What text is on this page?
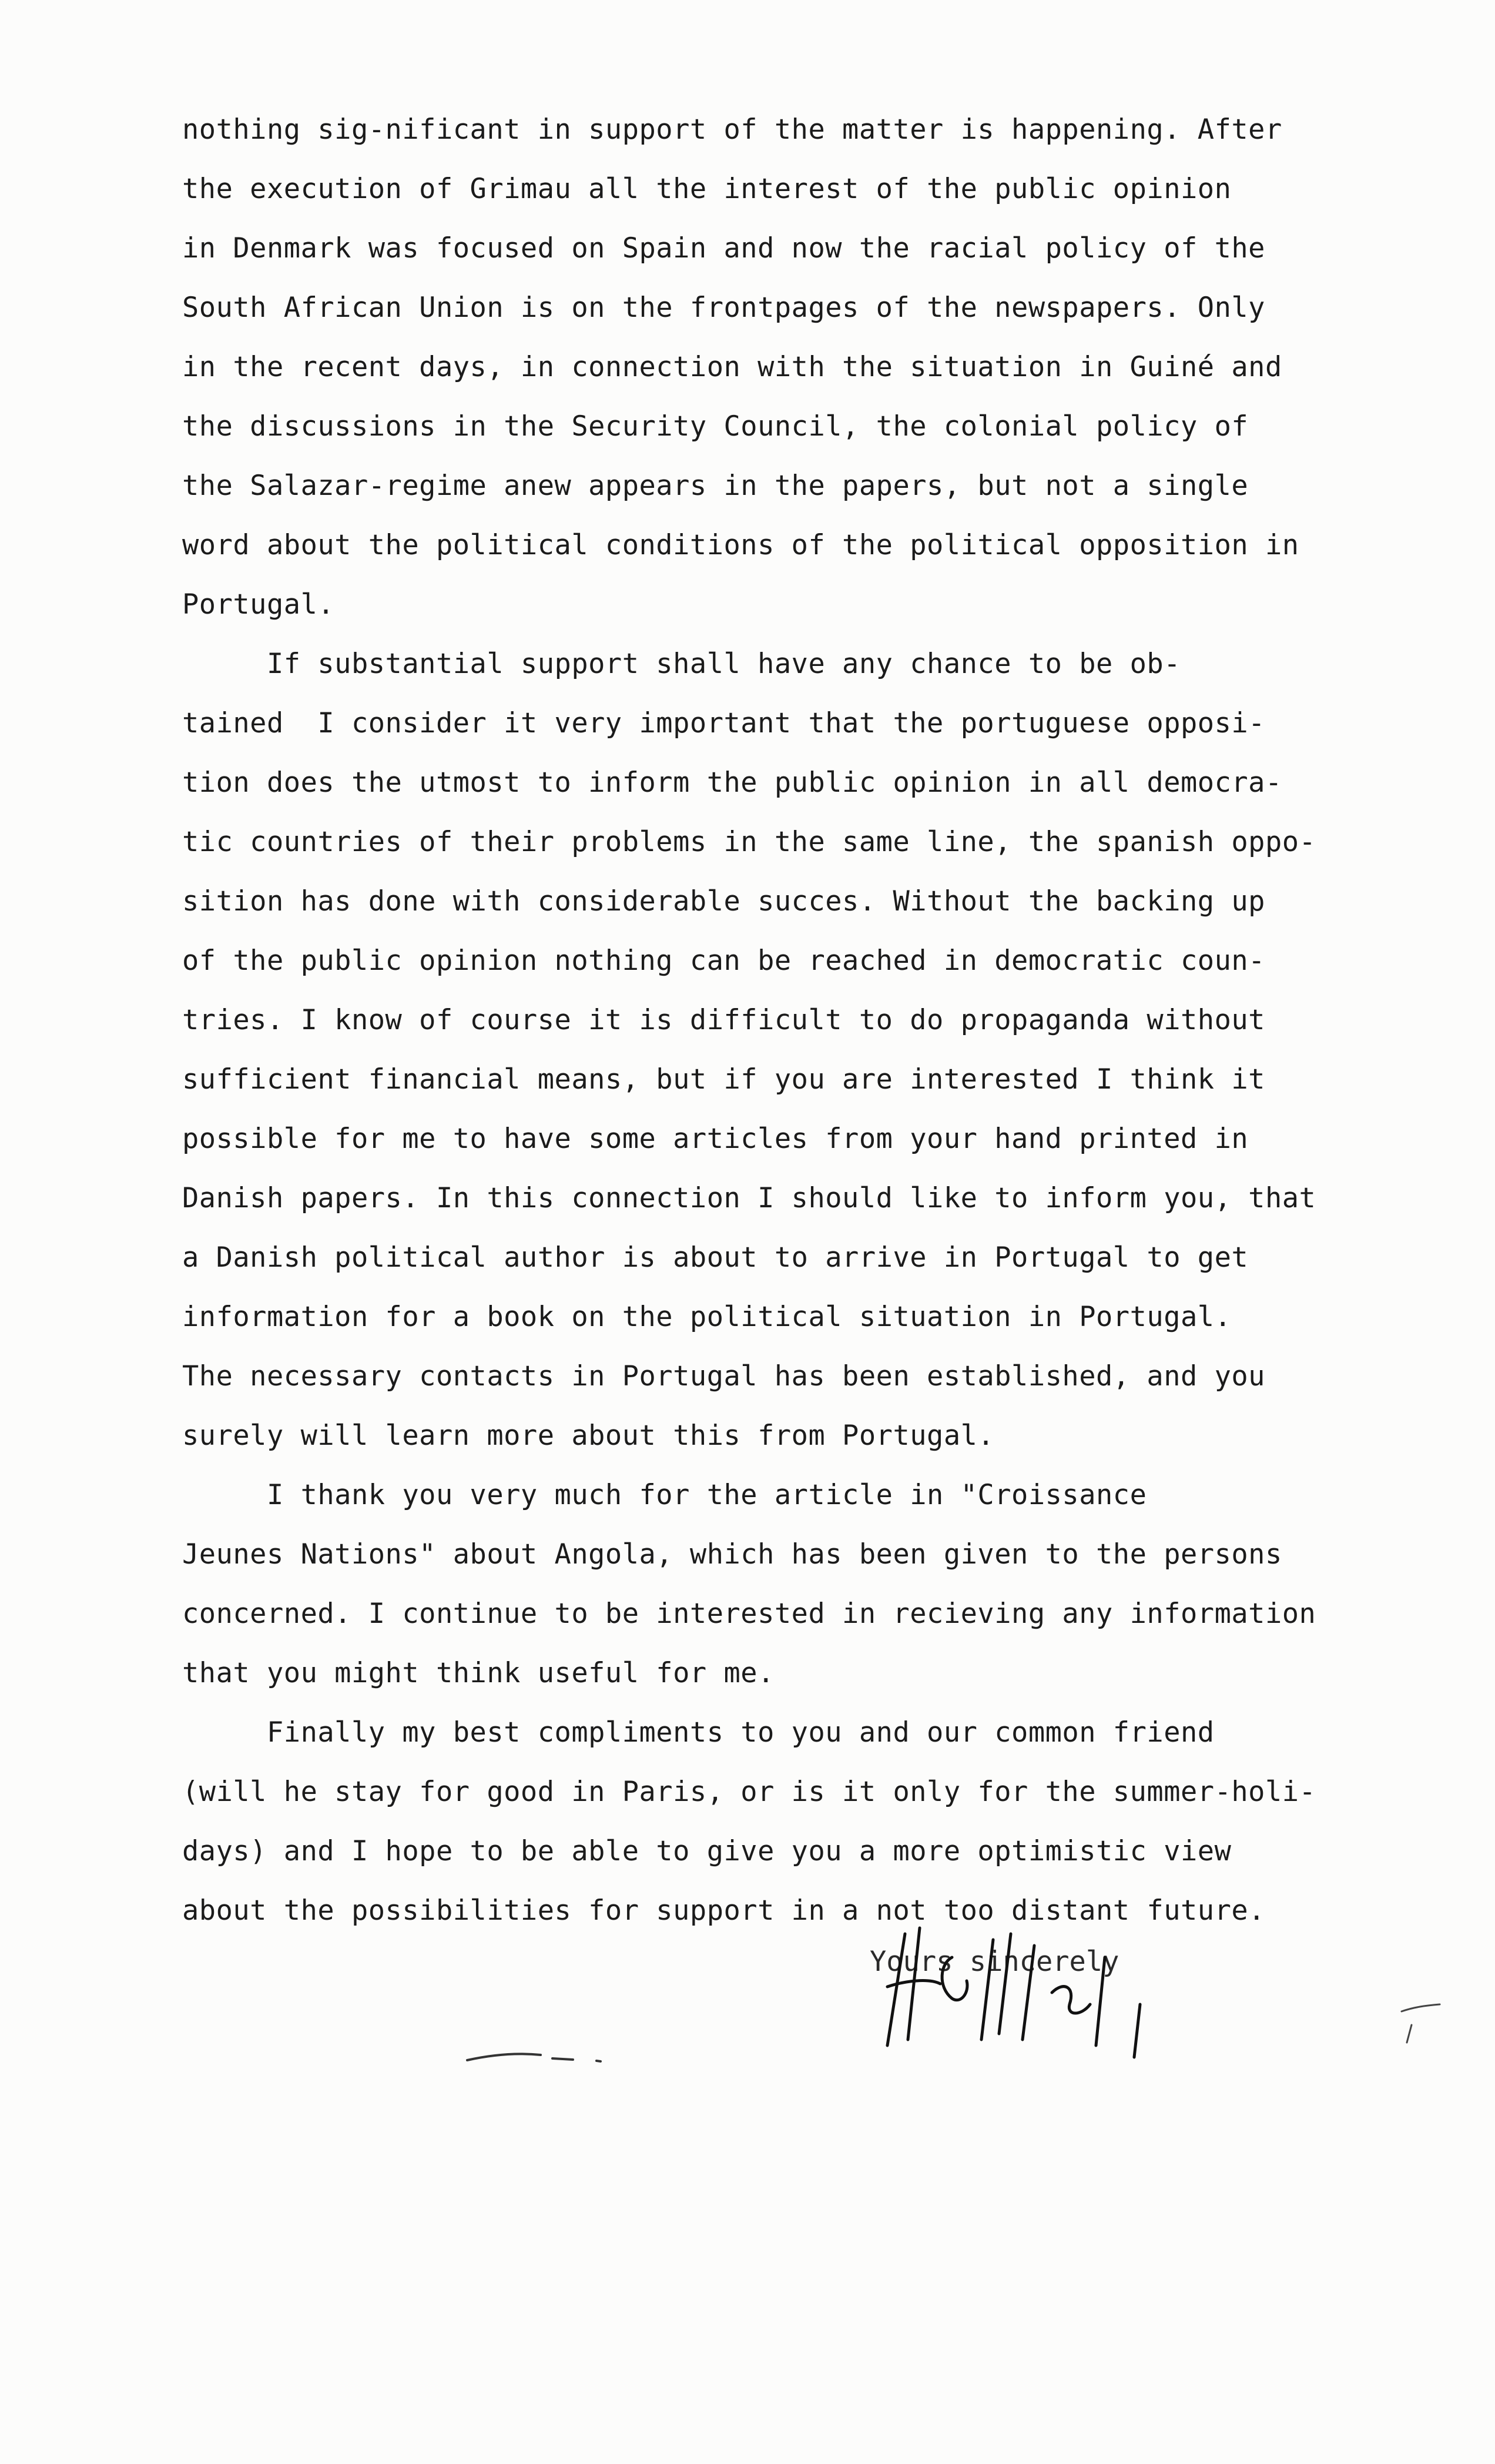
nothing sig-nificant in support of the matter is happening. After
the execution of Grimau all the interest of the public opinion
in Denmark was focused on Spain and now the racial policy of the
South African Union is on the frontpages of the newspapers. Only
in the recent days, in connection with the situation in Guiné and
the discussions in the Security Council, the colonial policy of
the Salazar-regime anew appears in the papers, but not a single
word about the political conditions of the political opposition in
Portugal.
If substantial support shall have any chance to be ob-
tained  I consider it very important that the portuguese opposi-
tion does the utmost to inform the public opinion in all democra-
tic countries of their problems in the same line, the spanish oppo-
sition has done with considerable succes. Without the backing up
of the public opinion nothing can be reached in democratic coun-
tries. I know of course it is difficult to do propaganda without
sufficient financial means, but if you are interested I think it
possible for me to have some articles from your hand printed in
Danish papers. In this connection I should like to inform you, that
a Danish political author is about to arrive in Portugal to get
information for a book on the political situation in Portugal.
The necessary contacts in Portugal has been established, and you
surely will learn more about this from Portugal.
I thank you very much for the article in "Croissance
Jeunes Nations" about Angola, which has been given to the persons
concerned. I continue to be interested in recieving any information
that you might think useful for me.
Finally my best compliments to you and our common friend
(will he stay for good in Paris, or is it only for the summer-holi-
days) and I hope to be able to give you a more optimistic view
about the possibilities for support in a not too distant future.
Yours sincerely
